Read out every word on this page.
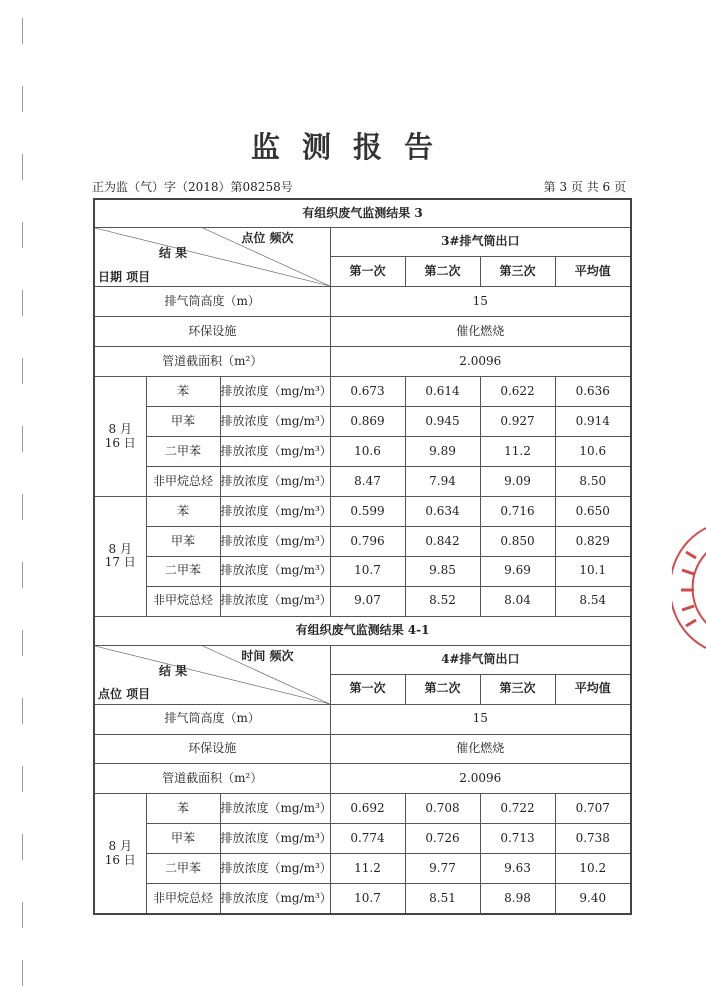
监测报告
正为监（气）字（2018）第08258号	第 3 页 共 6 页
有组织废气监测结果 3						

点位 频次
结 果
日期 项目			3#排气筒出口			
			第一次	第二次	第三次	平均值
排气筒高度（m）			15			
环保设施			催化燃烧			
管道截面积（m²）			2.0096			

8 月
16 日	苯	排放浓度（mg/m³）	0.673	0.614	0.622	0.636
	甲苯	排放浓度（mg/m³）	0.869	0.945	0.927	0.914
	二甲苯	排放浓度（mg/m³）	10.6	9.89	11.2	10.6
	非甲烷总烃	排放浓度（mg/m³）	8.47	7.94	9.09	8.50

8 月
17 日	苯	排放浓度（mg/m³）	0.599	0.634	0.716	0.650
	甲苯	排放浓度（mg/m³）	0.796	0.842	0.850	0.829
	二甲苯	排放浓度（mg/m³）	10.7	9.85	9.69	10.1
	非甲烷总烃	排放浓度（mg/m³）	9.07	8.52	8.04	8.54
有组织废气监测结果 4-1						

时间 频次
结 果
点位 项目			4#排气筒出口			
			第一次	第二次	第三次	平均值
排气筒高度（m）			15			
环保设施			催化燃烧			
管道截面积（m²）			2.0096			

8 月
16 日	苯	排放浓度（mg/m³）	0.692	0.708	0.722	0.707
	甲苯	排放浓度（mg/m³）	0.774	0.726	0.713	0.738
	二甲苯	排放浓度（mg/m³）	11.2	9.77	9.63	10.2
	非甲烷总烃	排放浓度（mg/m³）	10.7	8.51	8.98	9.40
